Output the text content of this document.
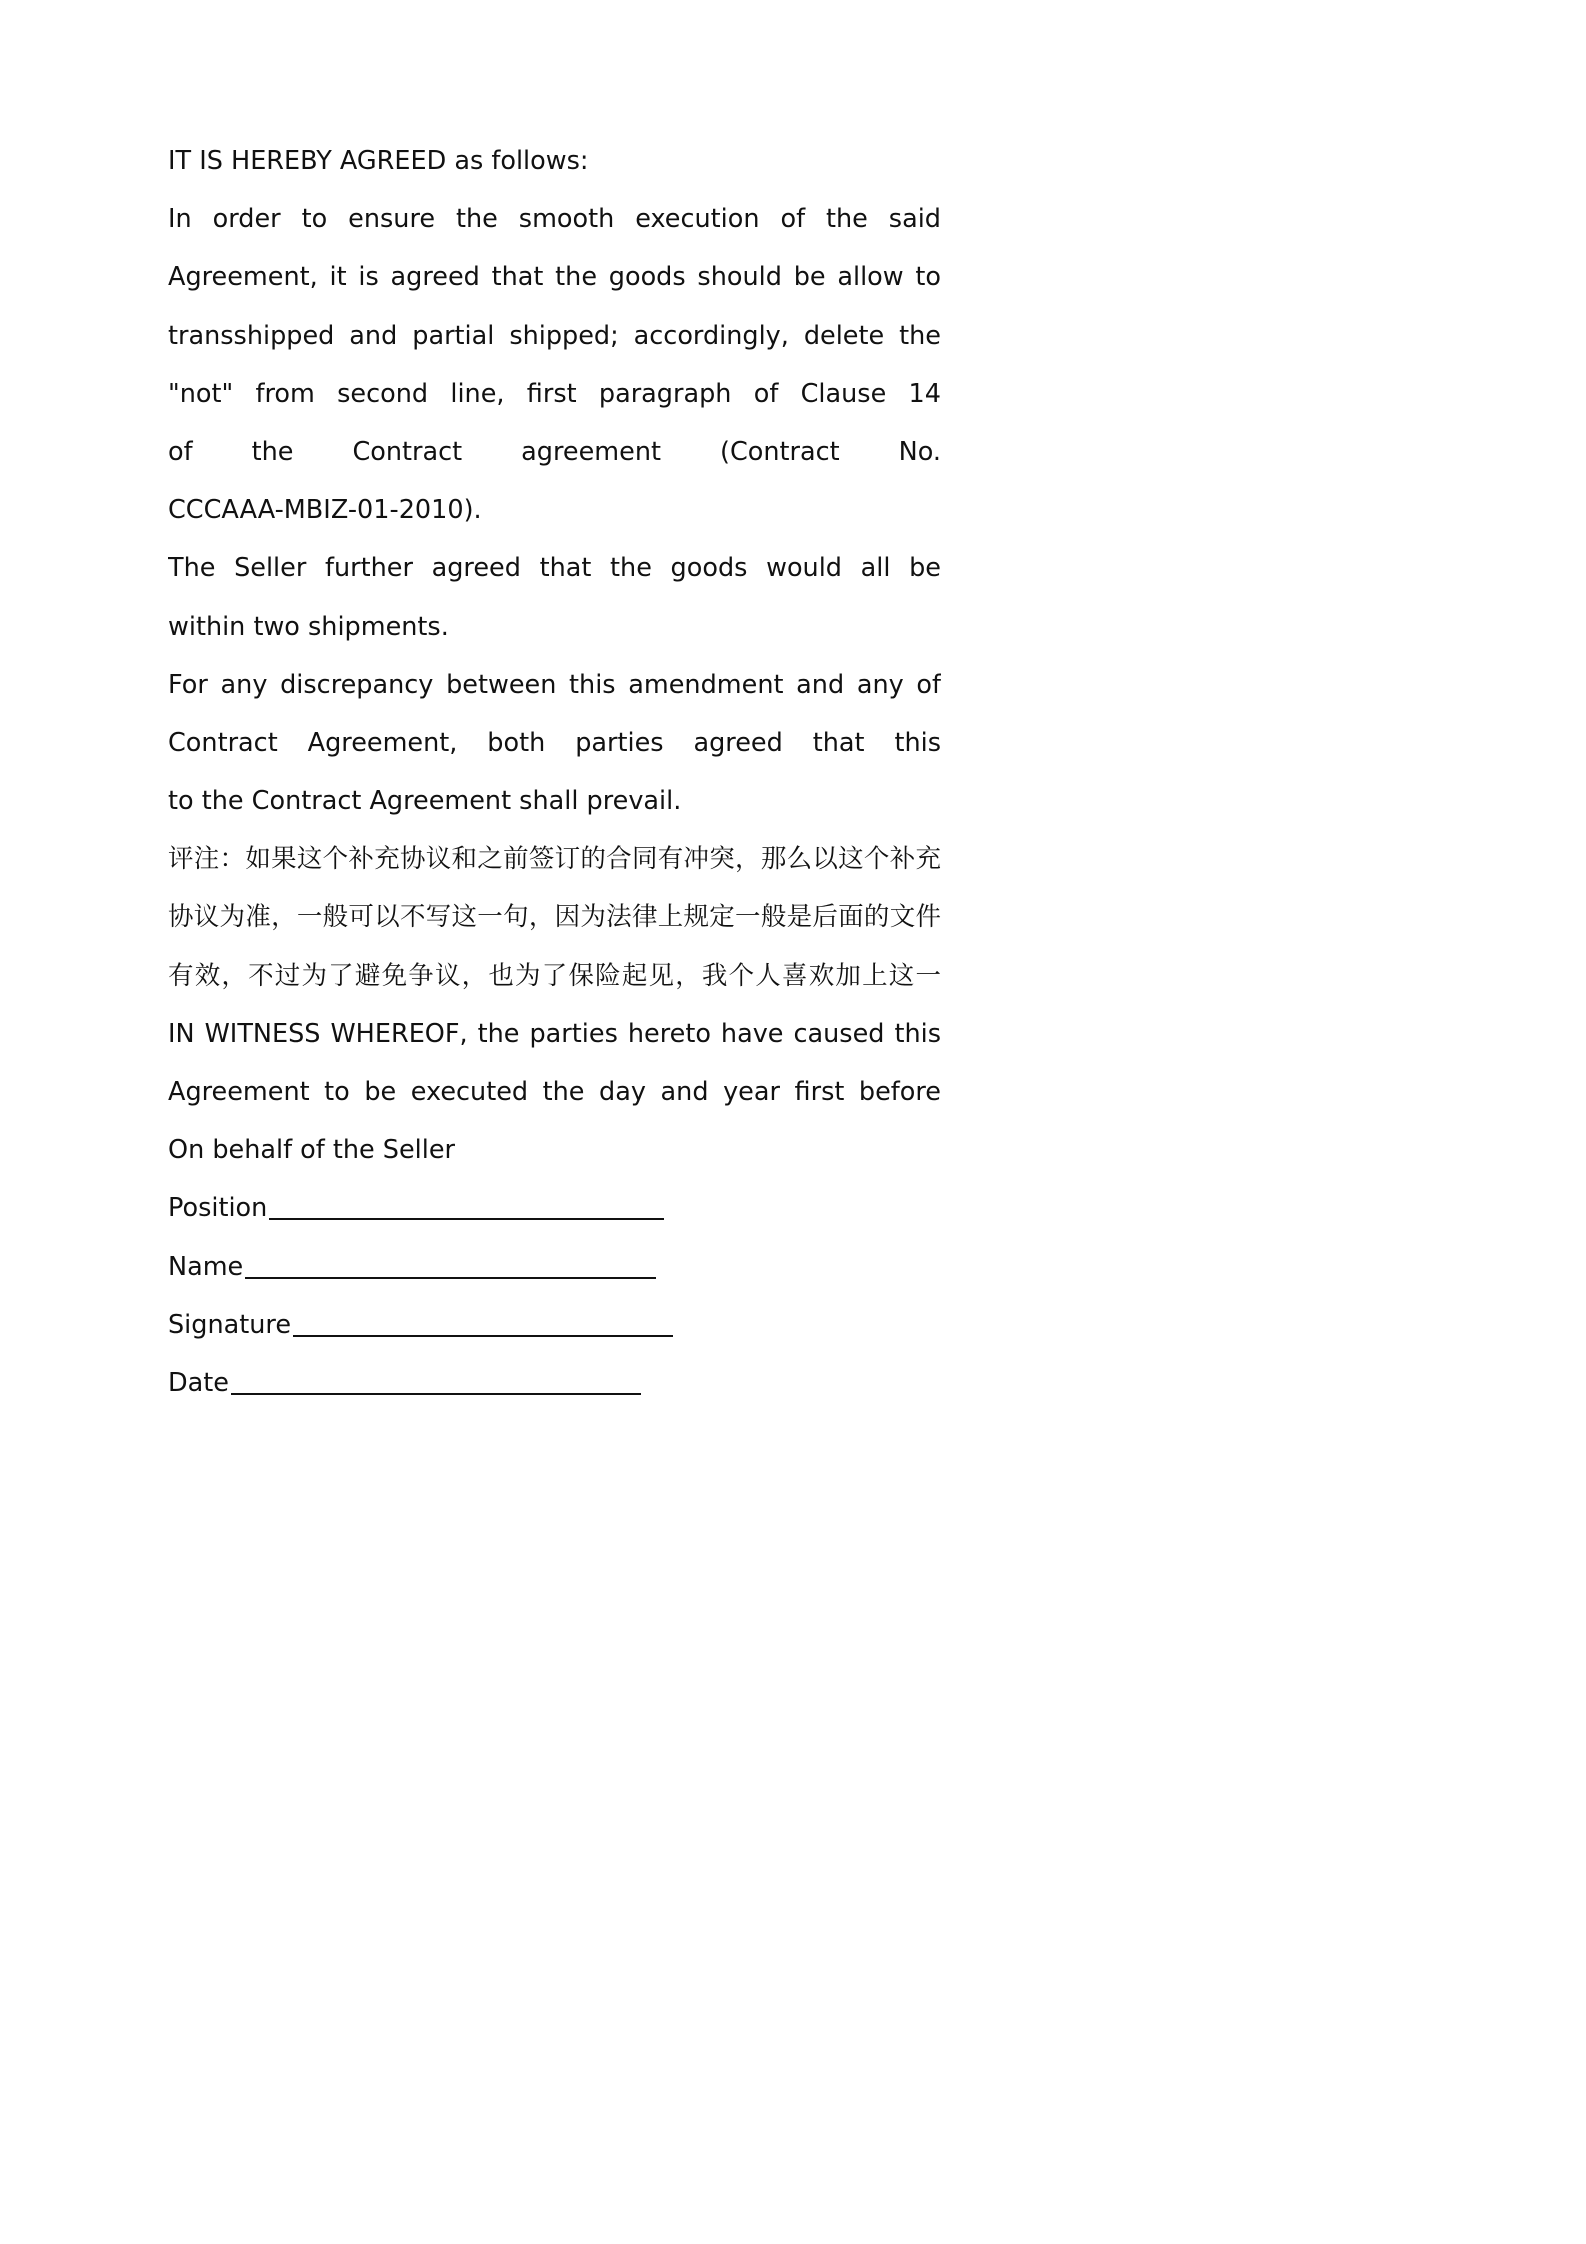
IT IS HEREBY AGREED as follows:
In order to ensure the smooth execution of the said
Agreement, it is agreed that the goods should be allow to
transshipped and partial shipped; accordingly, delete the
"not" from second line, first paragraph of Clause 14
of the Contract agreement (Contract No.
CCCAAA-MBIZ-01-2010).
The Seller further agreed that the goods would all be
within two shipments.
For any discrepancy between this amendment and any of
Contract Agreement, both parties agreed that this
to the Contract Agreement shall prevail.
评注：如果这个补充协议和之前签订的合同有冲突，那么以这个补充
协议为准，一般可以不写这一句，因为法律上规定一般是后面的文件
有效，不过为了避免争议，也为了保险起见，我个人喜欢加上这一
IN WITNESS WHEREOF, the parties hereto have caused this
Agreement to be executed the day and year first before
On behalf of the Seller
Position
Name
Signature
Date
